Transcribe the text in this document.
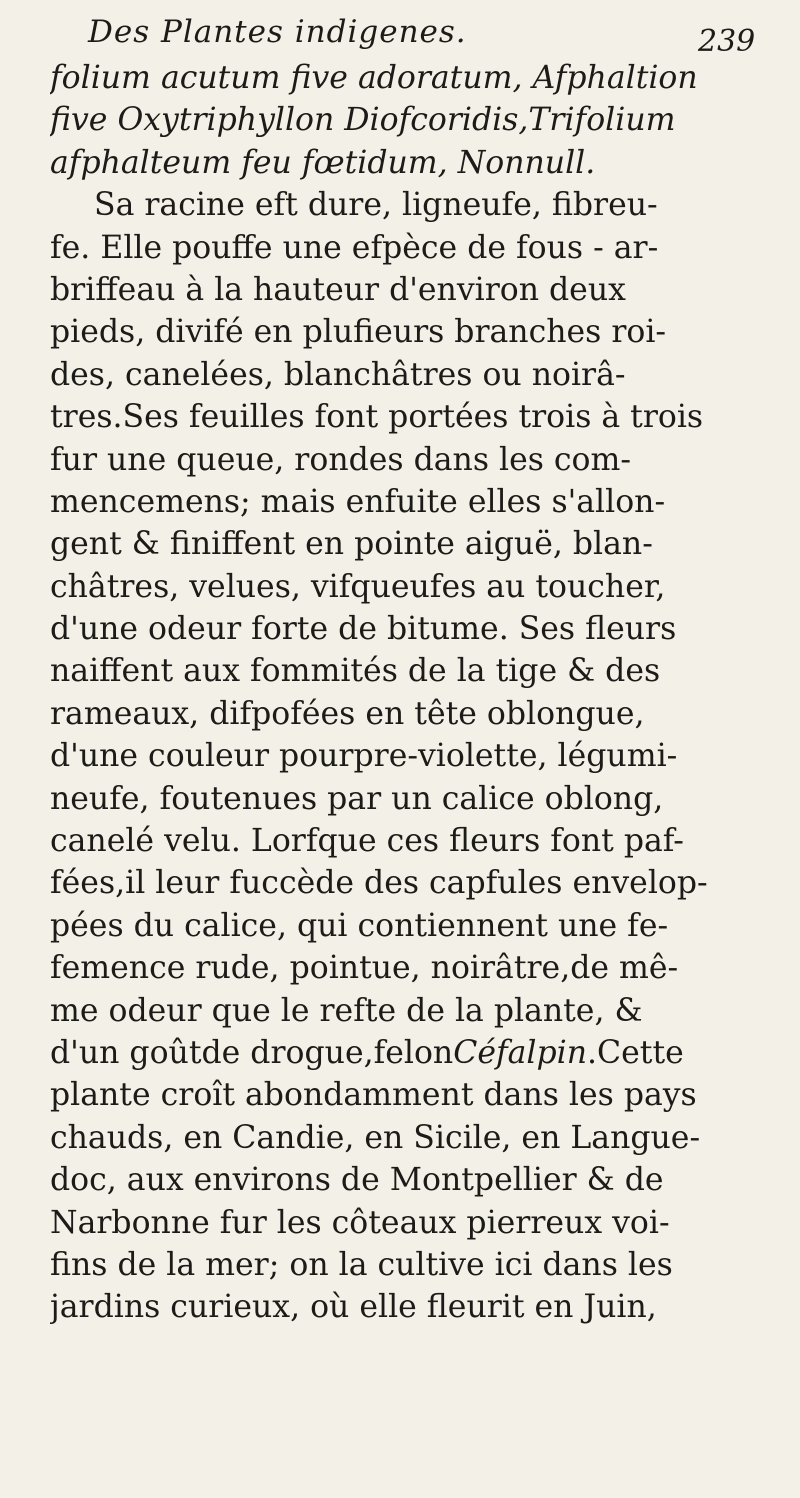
Des Plantes indigenes.	239
folium acutum five adoratum, Afphaltion
five Oxytriphyllon Diofcoridis,Trifolium
afphalteum feu fœtidum, Nonnull.
Sa racine eft dure, ligneufe, fibreu-
fe. Elle pouffe une efpèce de fous - ar-
briffeau à la hauteur d'environ deux
pieds, divifé en plufieurs branches roi-
des, canelées, blanchâtres ou noirâ-
tres.Ses feuilles font portées trois à trois
fur une queue, rondes dans les com-
mencemens; mais enfuite elles s'allon-
gent & finiffent en pointe aiguë, blan-
châtres, velues, vifqueufes au toucher,
d'une odeur forte de bitume. Ses fleurs
naiffent aux fommités de la tige & des
rameaux, difpofées en tête oblongue,
d'une couleur pourpre-violette, légumi-
neufe, foutenues par un calice oblong,
canelé velu. Lorfque ces fleurs font paf-
fées,il leur fuccède des capfules envelop-
pées du calice, qui contiennent une fe-
femence rude, pointue, noirâtre,de mê-
me odeur que le refte de la plante, &
d'un goûtde drogue,felonCéfalpin.Cette
plante croît abondamment dans les pays
chauds, en Candie, en Sicile, en Langue-
doc, aux environs de Montpellier & de
Narbonne fur les côteaux pierreux voi-
fins de la mer; on la cultive ici dans les
jardins curieux, où elle fleurit en Juin,
